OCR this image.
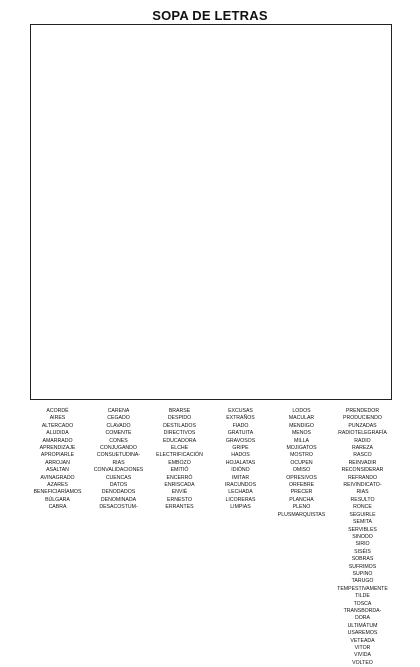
SOPA DE LETRAS
ACORDÉ
AIRES
ALTERCADO
ALUDIDA
AMARRADO
APRENDIZAJE
APROPIARLE
ARROJAN
ASALTAN
AVINAGRADO
AZARES
BENEFICIARÍAMOS
BÚLGARA
CABRA
CARENA
CEGADO
CLAVADO
COMENTE
CONES
CONJUGANDO
CONSUETUDINA-
RIAS
CONVALIDACIONES
CUENCAS
DATOS
DENODADOS
DENOMINADA
DESACOSTUM-
BRARSE
DESPIDO
DESTILADOS
DIRECTIVOS
EDUCADORA
ELCHE
ELECTRIFICACIÓN
EMBOZO
EMITIÓ
ENCERRÓ
ENRISCADA
ENVIÉ
ERNESTO
ERRANTES
EXCUSAS
EXTRAÑOS
FIADO
GRATUITA
GRAVOSOS
GRIPE
HADOS
HOJALATAS
IDIÓNO
IMITAR
IRACUNDOS
LECHADA
LICORERAS
LIMPIAS
LODOS
MACULAR
MENDIGO
MENOS
MILLA
MOJIGATOS
MOSTRO
OCUPEN
OMISO
OPRESIVOS
ORFEBRE
PRECER
PLANCHA
PLENO
PLUSMARQUISTAS
PRENDEDOR
PRODUCIENDO
PUNZADAS
RADIOTELEGRAFÍA
RADIO
RAREZA
RASCO
REINVADIR
RECONSIDERAR
REFRANDO
REIVINDICATO-
RIAS
RESULTO
RONCE
SEGUIRLE
SEMITA
SERVIBLES
SINODO
SIRIO
SISÉIS
SOBRAS
SUFRIMOS
SUPINO
TARUGO
TEMPESTIVAMENTE
TILDE
TOSCA
TRANSBORDA-
DORA
ULTIMÁTUM
USAREMOS
VETEADA
VITOR
VIVIDA
VOLTEO
